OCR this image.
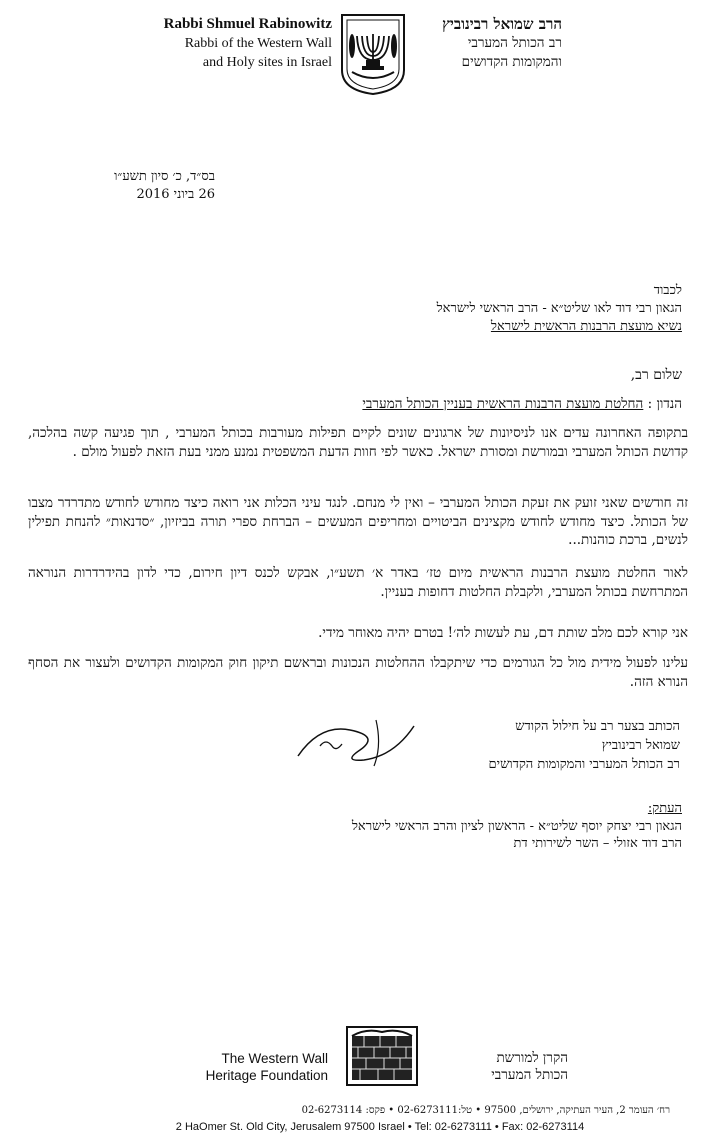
Rabbi Shmuel Rabinowitz
Rabbi of the Western Wall
and Holy sites in Israel
הרב שמואל רבינוביץ
רב הכותל המערבי
והמקומות הקדושים
בס״ד, כ׳ סיון תשע״ו
26 ביוני 2016
לכבוד
הגאון רבי דוד לאו שליט״א - הרב הראשי לישראל
נשיא מועצת הרבנות הראשית לישראל
שלום רב,
הנדון : החלטת מועצת הרבנות הראשית בעניין הכותל המערבי
בתקופה האחרונה עדים אנו לניסיונות של ארגונים שונים לקיים תפילות מעורבות בכותל המערבי , תוך פגיעה קשה בהלכה, קדושת הכותל המערבי ובמורשת ומסורת ישראל. כאשר לפי חוות הדעת המשפטית נמנע ממני בעת הזאת לפעול מולם .
זה חודשים שאני זועק את זעקת הכותל המערבי – ואין לי מנחם. לנגד עיני הכלות אני רואה כיצד מחודש לחודש מתדרדר מצבו של הכותל. כיצד מחודש לחודש מקצינים הביטויים ומחריפים המעשים – הברחת ספרי תורה בביזיון, ״סדנאות״ להנחת תפילין לנשים, ברכת כוהנות...
לאור החלטת מועצת הרבנות הראשית מיום טז׳ באדר א׳ תשע״ו, אבקש לכנס דיון חירום, כדי לדון בהידרדרות הנוראה המתרחשת בכותל המערבי, ולקבלת החלטות דחופות בעניין.
אני קורא לכם מלב שותת דם, עת לעשות לה׳! בטרם יהיה מאוחר מידי.
עלינו לפעול מידית מול כל הגורמים כדי שיתקבלו ההחלטות הנכונות ובראשם תיקון חוק המקומות הקדושים ולעצור את הסחף הנורא הזה.
הכותב בצער רב על חילול הקודש
שמואל רבינוביץ
רב הכותל המערבי והמקומות הקדושים
העתק:
הגאון רבי יצחק יוסף שליט״א - הראשון לציון והרב הראשי לישראל
הרב דוד אזולי – השר לשירותי דת
The Western Wall
Heritage Foundation
הקרן למורשת
הכותל המערבי
רח׳ העומר 2, העיר העתיקה, ירושלים, 97500 • טל:02-6273111 • פקס: 02-6273114
2 HaOmer St. Old City, Jerusalem 97500 Israel • Tel: 02-6273111 • Fax: 02-6273114
